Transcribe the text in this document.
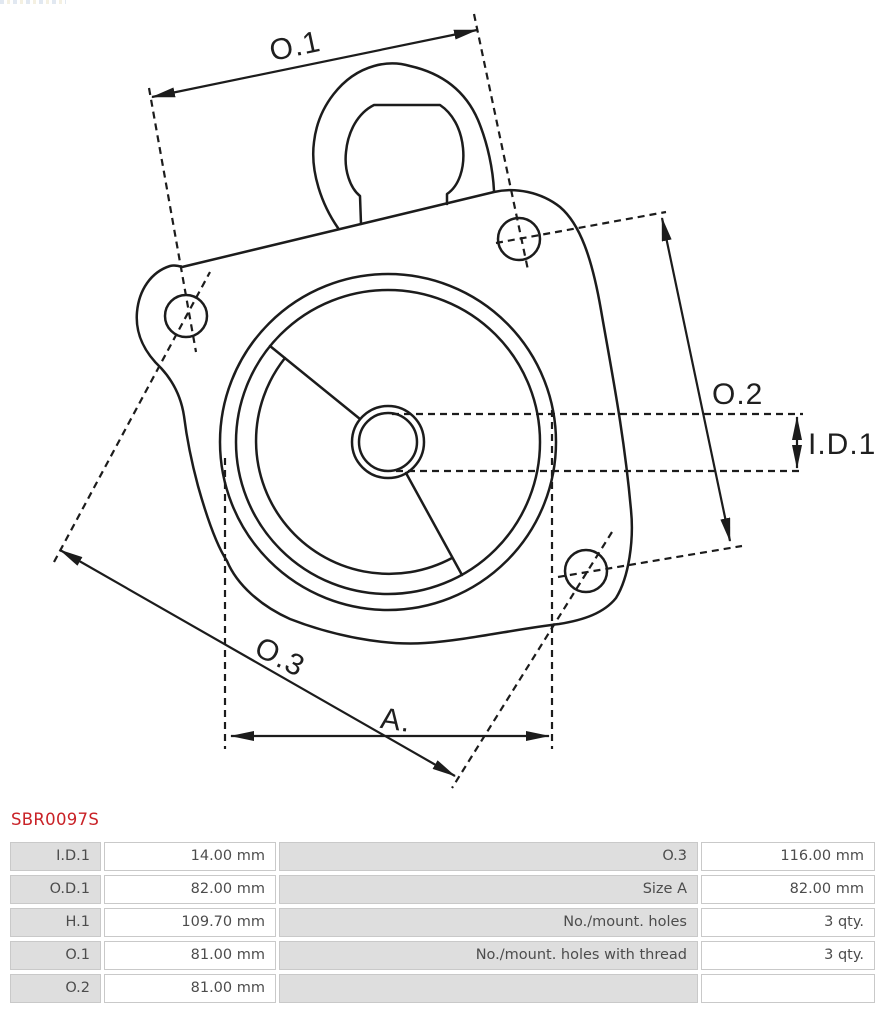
O.1
O.2
I.D.1
O.3
A.
SBR0097S
I.D.1	14.00 mm	O.3	116.00 mm
O.D.1	82.00 mm	Size A	82.00 mm
H.1	109.70 mm	No./mount. holes	3 qty.
O.1	81.00 mm	No./mount. holes with thread	3 qty.
O.2	81.00 mm
